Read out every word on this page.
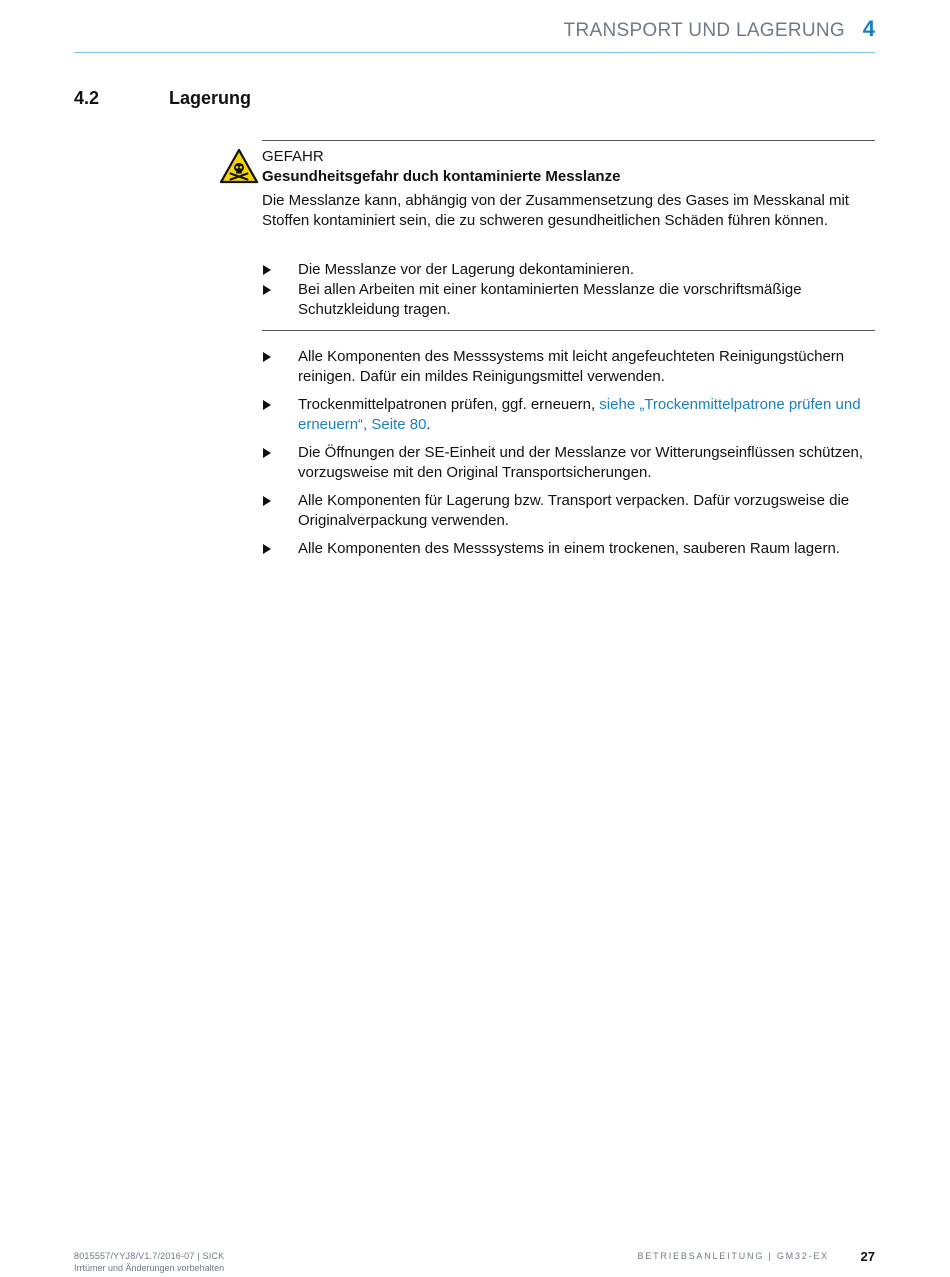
TRANSPORT UND LAGERUNG 4
4.2	Lagerung
GEFAHR
Gesundheitsgefahr duch kontaminierte Messlanze

Die Messlanze kann, abhängig von der Zusammensetzung des Gases im Messkanal mit Stoffen kontaminiert sein, die zu schweren gesundheitlichen Schäden führen können.

Die Messlanze vor der Lagerung dekontaminieren.
Bei allen Arbeiten mit einer kontaminierten Messlanze die vorschriftsmäßige Schutzkleidung tragen.
Alle Komponenten des Messsystems mit leicht angefeuchteten Reinigungstüchern reinigen. Dafür ein mildes Reinigungsmittel verwenden.
Trockenmittelpatronen prüfen, ggf. erneuern, siehe „Trockenmittelpatrone prüfen und erneuern“, Seite 80.
Die Öffnungen der SE-Einheit und der Messlanze vor Witterungseinflüssen schützen, vorzugsweise mit den Original Transportsicherungen.
Alle Komponenten für Lagerung bzw. Transport verpacken. Dafür vorzugsweise die Originalverpackung verwenden.
Alle Komponenten des Messsystems in einem trockenen, sauberen Raum lagern.
8015557/YYJ8/V1.7/2016-07 | SICK
Irrtümer und Änderungen vorbehalten
BETRIEBSANLEITUNG | GM32-EX 27
